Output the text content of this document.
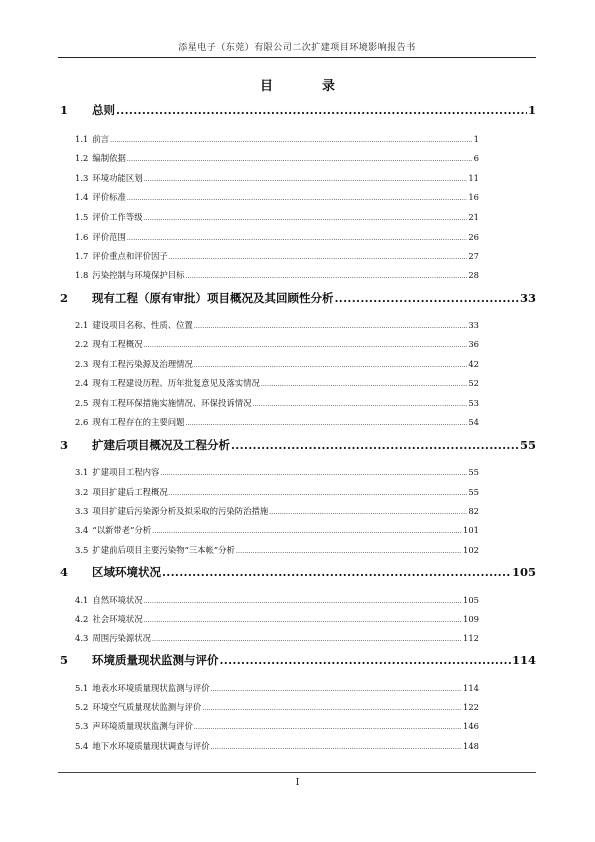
添星电子（东莞）有限公司二次扩建项目环境影响报告书
目　录
1	总则 .....	1
1.1 前言 .....	1
1.2 编制依据 .....	6
1.3 环境功能区划 .....	11
1.4 评价标准 .....	16
1.5 评价工作等级 .....	21
1.6 评价范围 .....	26
1.7 评价重点和评价因子 .....	27
1.8 污染控制与环境保护目标 .....	28
2	现有工程（原有审批）项目概况及其回顾性分析 .....	33
2.1 建设项目名称、性质、位置 .....	33
2.2 现有工程概况 .....	36
2.3 现有工程污染源及治理情况 .....	42
2.4 现有工程建设历程、历年批复意见及落实情况 .....	52
2.5 现有工程环保措施实施情况、环保投诉情况 .....	53
2.6 现有工程存在的主要问题 .....	54
3	扩建后项目概况及工程分析 .....	55
3.1 扩建项目工程内容 .....	55
3.2 项目扩建后工程概况 .....	55
3.3 项目扩建后污染源分析及拟采取的污染防治措施 .....	82
3.4 “以新带老”分析 .....	101
3.5 扩建前后项目主要污染物“三本帐”分析 .....	102
4	区域环境状况 .....	105
4.1 自然环境状况 .....	105
4.2 社会环境状况 .....	109
4.3 周围污染源状况 .....	112
5	环境质量现状监测与评价 .....	114
5.1 地表水环境质量现状监测与评价 .....	114
5.2 环境空气质量现状监测与评价 .....	122
5.3 声环境质量现状监测与评价 .....	146
5.4 地下水环境质量现状调查与评价 .....	148
I
